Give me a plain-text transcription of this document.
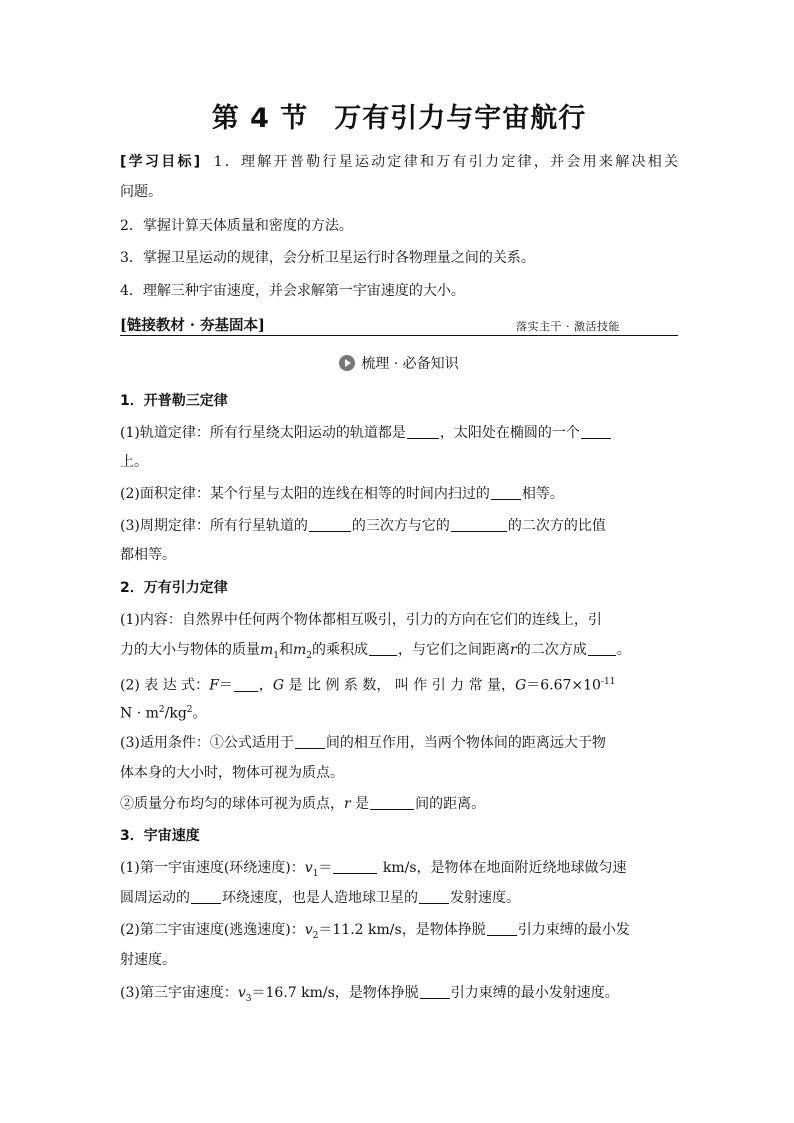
第 4 节 万有引力与宇宙航行
[学习目标] 1．理解开普勒行星运动定律和万有引力定律，并会用来解决相关
问题。
2．掌握计算天体质量和密度的方法。
3．掌握卫星运动的规律，会分析卫星运行时各物理量之间的关系。
4．理解三种宇宙速度，并会求解第一宇宙速度的大小。
[链接教材 · 夯基固本]	落实主干 · 激活技能
梳理 · 必备知识
1．开普勒三定律
(1)轨道定律：所有行星绕太阳运动的轨道都是 ，太阳处在椭圆的一个
上。
(2)面积定律：某个行星与太阳的连线在相等的时间内扫过的 相等。
(3)周期定律：所有行星轨道的	的三次方与它的	的二次方的比值
都相等。
2．万有引力定律
(1)内容：自然界中任何两个物体都相互吸引，引力的方向在它们的连线上，引
力的大小与物体的质量$m_1$和$m_2$的乘积成 ，与它们之间距离r的二次方成 。
(2) 表 达 式：F＝ ，G 是 比 例 系 数， 叫 作 引 力 常 量，$G=6.67\times 10^{-11}$
$N \cdot m^2/kg^2$。
(3)适用条件：①公式适用于 间的相互作用，当两个物体间的距离远大于物
体本身的大小时，物体可视为质点。
②质量分布均匀的球体可视为质点，r 是	间的距离。
3．宇宙速度
(1)第一宇宙速度(环绕速度)：$v_1=$	km/s，是物体在地面附近绕地球做匀速
圆周运动的 环绕速度，也是人造地球卫星的 发射速度。
(2)第二宇宙速度(逃逸速度)：$v_2=11.2$ km/s，是物体挣脱 引力束缚的最小发
射速度。
(3)第三宇宙速度：$v_3=16.7$ km/s，是物体挣脱 引力束缚的最小发射速度。
